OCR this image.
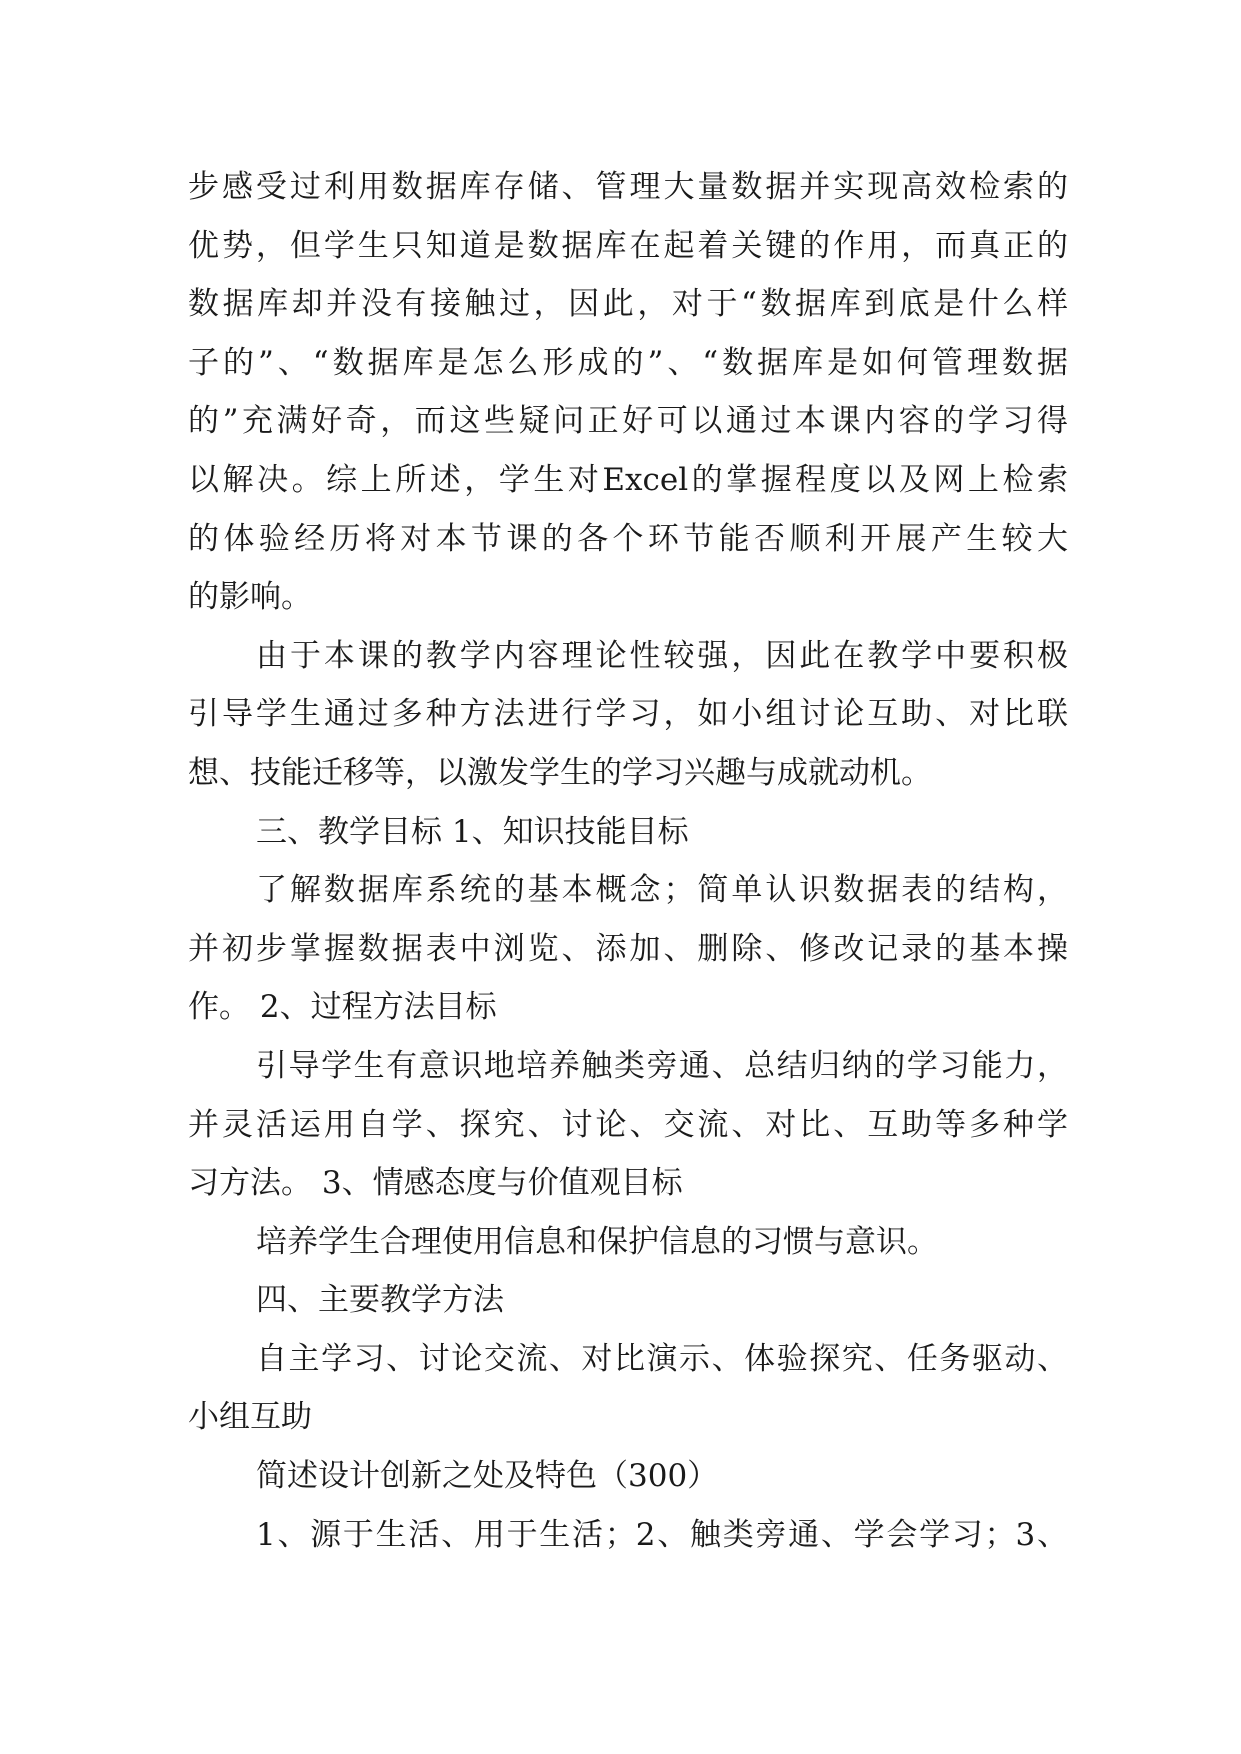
步感受过利用数据库存储、管理大量数据并实现高效检索的
优势，但学生只知道是数据库在起着关键的作用，而真正的
数据库却并没有接触过，因此，对于“数据库到底是什么样
子的”、“数据库是怎么形成的”、“数据库是如何管理数据
的”充满好奇，而这些疑问正好可以通过本课内容的学习得
以解决。综上所述，学生对Excel的掌握程度以及网上检索
的体验经历将对本节课的各个环节能否顺利开展产生较大
的影响。
由于本课的教学内容理论性较强，因此在教学中要积极
引导学生通过多种方法进行学习，如小组讨论互助、对比联
想、技能迁移等，以激发学生的学习兴趣与成就动机。
三、教学目标 1、知识技能目标
了解数据库系统的基本概念；简单认识数据表的结构，
并初步掌握数据表中浏览、添加、删除、修改记录的基本操
作。 2、过程方法目标
引导学生有意识地培养触类旁通、总结归纳的学习能力，
并灵活运用自学、探究、讨论、交流、对比、互助等多种学
习方法。 3、情感态度与价值观目标
培养学生合理使用信息和保护信息的习惯与意识。
四、主要教学方法
自主学习、讨论交流、对比演示、体验探究、任务驱动、
小组互助
简述设计创新之处及特色（300）
1、源于生活、用于生活；2、触类旁通、学会学习；3、
